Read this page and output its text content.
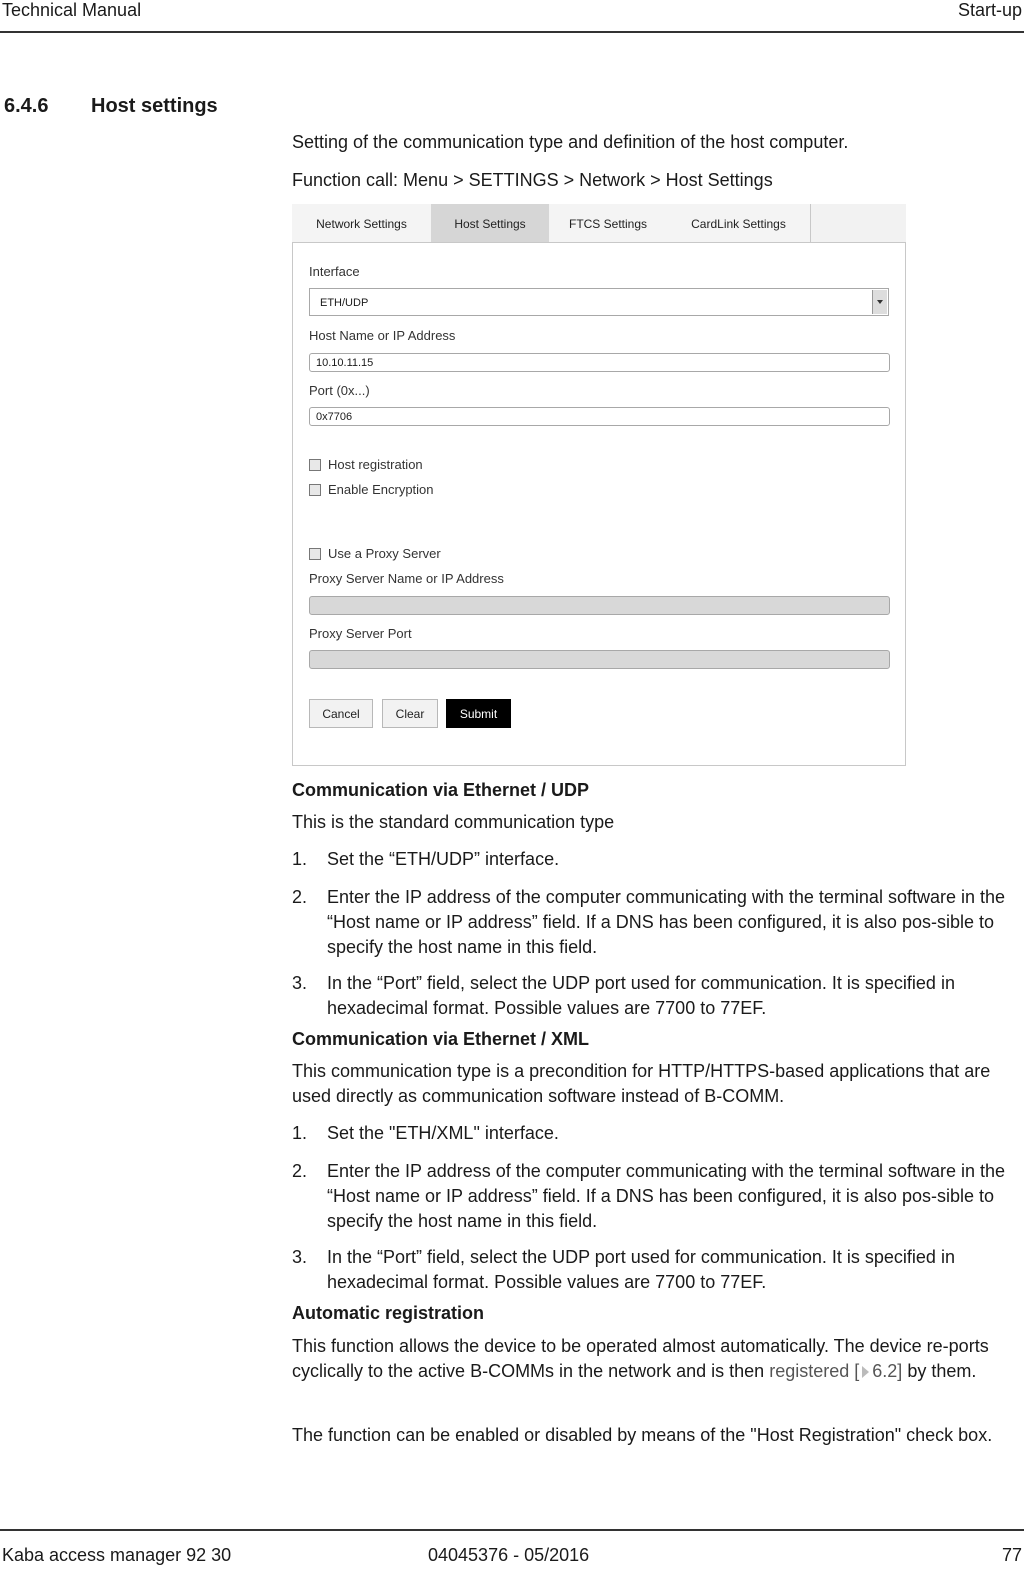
Technical Manual	Start-up
6.4.6 Host settings

Setting of the communication type and definition of the host computer.

Function call: Menu > SETTINGS > Network > Host Settings

Network Settings	Host Settings	FTCS Settings	CardLink Settings
Interface
ETH/UDP
Host Name or IP Address
10.10.11.15
Port (0x...)
0x7706
Host registration
Enable Encryption
Use a Proxy Server
Proxy Server Name or IP Address
Proxy Server Port
Cancel	Clear	Submit
Communication via Ethernet / UDP

This is the standard communication type

1. Set the “ETH/UDP” interface.
2. Enter the IP address of the computer communicating with the terminal software in the “Host name or IP address” field. If a DNS has been configured, it is also pos-sible to specify the host name in this field.
3. In the “Port” field, select the UDP port used for communication. It is specified in hexadecimal format. Possible values are 7700 to 77EF.
Communication via Ethernet / XML

This communication type is a precondition for HTTP/HTTPS-based applications that are used directly as communication software instead of B-COMM.

1. Set the "ETH/XML" interface.
2. Enter the IP address of the computer communicating with the terminal software in the “Host name or IP address” field. If a DNS has been configured, it is also pos-sible to specify the host name in this field.
3. In the “Port” field, select the UDP port used for communication. It is specified in hexadecimal format. Possible values are 7700 to 77EF.
Automatic registration

This function allows the device to be operated almost automatically. The device re-ports cyclically to the active B-COMMs in the network and is then registered [ 6.2] by them.

The function can be enabled or disabled by means of the "Host Registration" check box.

Kaba access manager 92 30	04045376 - 05/2016	77
